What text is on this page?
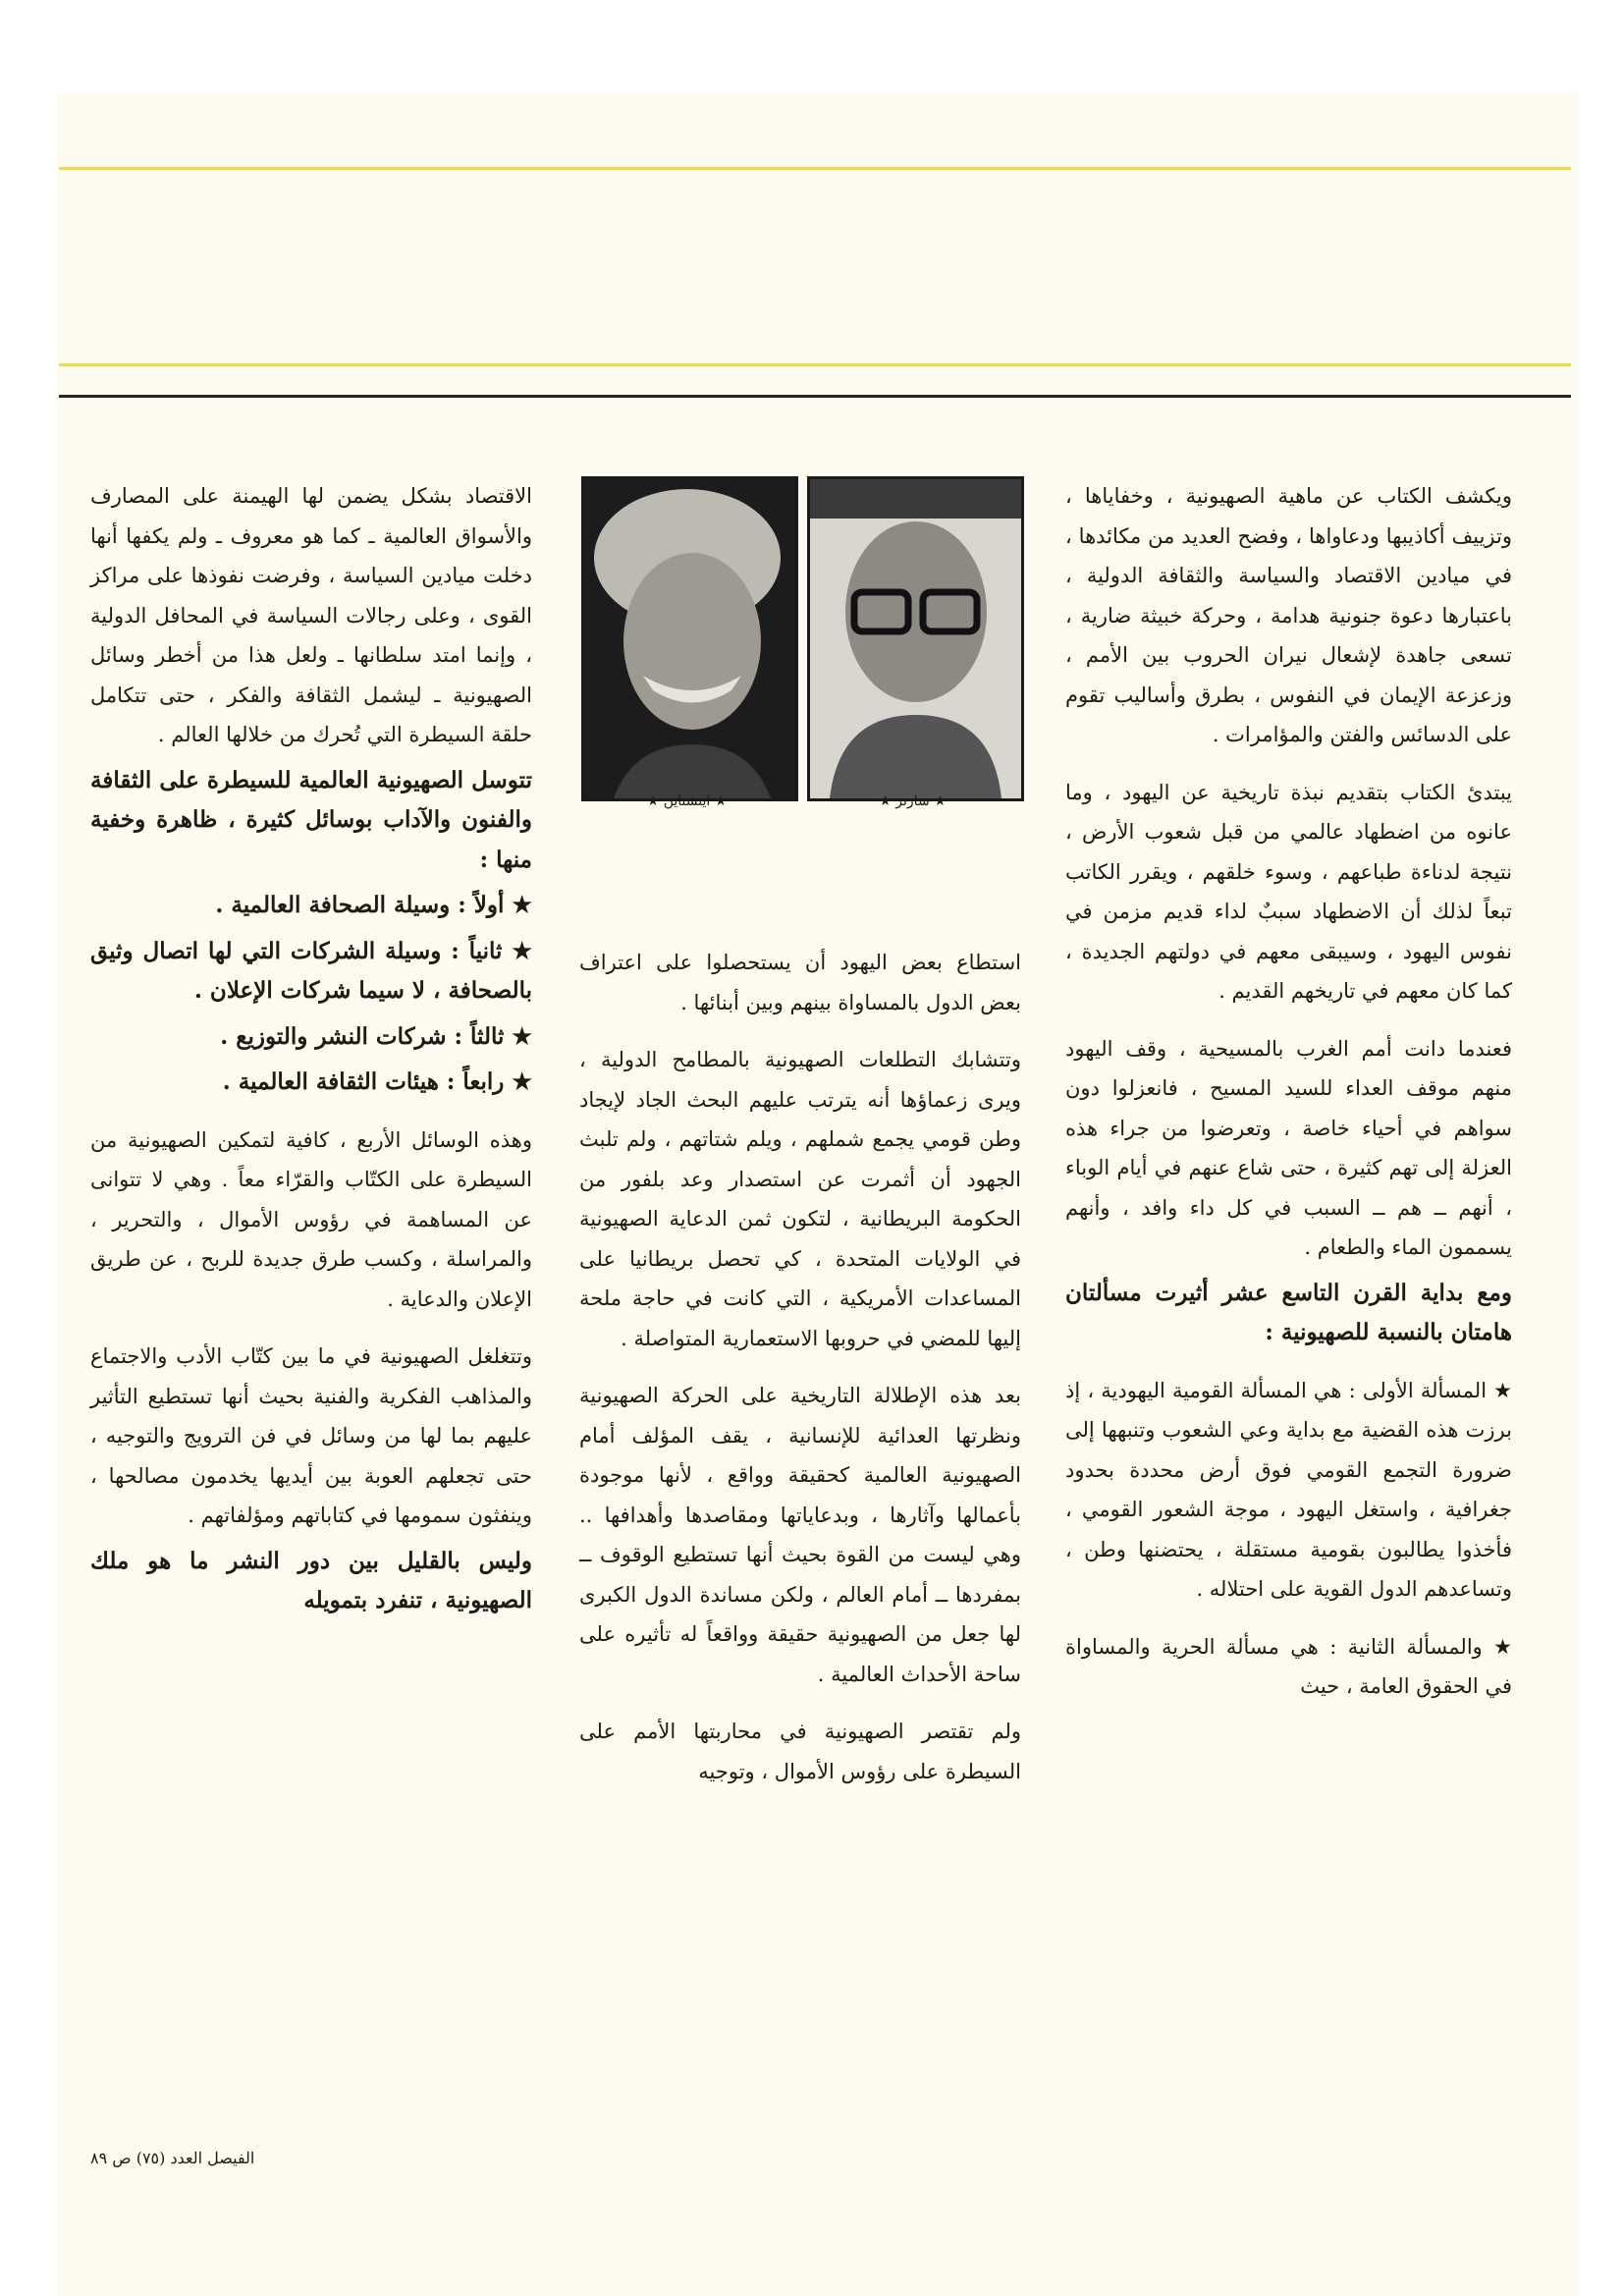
ويكشف الكتاب عن ماهية الصهيونية ، وخفاياها ، وتزييف أكاذيبها ودعاواها ، وفضح العديد من مكائدها ، في ميادين الاقتصاد والسياسة والثقافة الدولية ، باعتبارها دعوة جنونية هدامة ، وحركة خبيثة ضارية ، تسعى جاهدة لإشعال نيران الحروب بين الأمم ، وزعزعة الإيمان في النفوس ، بطرق وأساليب تقوم على الدسائس والفتن والمؤامرات .

يبتدئ الكتاب بتقديم نبذة تاريخية عن اليهود ، وما عانوه من اضطهاد عالمي من قبل شعوب الأرض ، نتيجة لدناءة طباعهم ، وسوء خلقهم ، ويقرر الكاتب تبعاً لذلك أن الاضطهاد سببٌ لداء قديم مزمن في نفوس اليهود ، وسيبقى معهم في دولتهم الجديدة ، كما كان معهم في تاريخهم القديم .

فعندما دانت أمم الغرب بالمسيحية ، وقف اليهود منهم موقف العداء للسيد المسيح ، فانعزلوا دون سواهم في أحياء خاصة ، وتعرضوا من جراء هذه العزلة إلى تهم كثيرة ، حتى شاع عنهم في أيام الوباء ، أنهم ــ هم ــ السبب في كل داء وافد ، وأنهم يسممون الماء والطعام .

ومع بداية القرن التاسع عشر أثيرت مسألتان هامتان بالنسبة للصهيونية :

★ المسألة الأولى : هي المسألة القومية اليهودية ، إذ برزت هذه القضية مع بداية وعي الشعوب وتنبهها إلى ضرورة التجمع القومي فوق أرض محددة بحدود جغرافية ، واستغل اليهود ، موجة الشعور القومي ، فأخذوا يطالبون بقومية مستقلة ، يحتضنها وطن ، وتساعدهم الدول القوية على احتلاله .

★ والمسألة الثانية : هي مسألة الحرية والمساواة في الحقوق العامة ، حيث

استطاع بعض اليهود أن يستحصلوا على اعتراف بعض الدول بالمساواة بينهم وبين أبنائها .

وتتشابك التطلعات الصهيونية بالمطامح الدولية ، ويرى زعماؤها أنه يترتب عليهم البحث الجاد لإيجاد وطن قومي يجمع شملهم ، ويلم شتاتهم ، ولم تلبث الجهود أن أثمرت عن استصدار وعد بلفور من الحكومة البريطانية ، لتكون ثمن الدعاية الصهيونية في الولايات المتحدة ، كي تحصل بريطانيا على المساعدات الأمريكية ، التي كانت في حاجة ملحة إليها للمضي في حروبها الاستعمارية المتواصلة .

بعد هذه الإطلالة التاريخية على الحركة الصهيونية ونظرتها العدائية للإنسانية ، يقف المؤلف أمام الصهيونية العالمية كحقيقة وواقع ، لأنها موجودة بأعمالها وآثارها ، وبدعاياتها ومقاصدها وأهدافها .. وهي ليست من القوة بحيث أنها تستطيع الوقوف ــ بمفردها ــ أمام العالم ، ولكن مساندة الدول الكبرى لها جعل من الصهيونية حقيقة وواقعاً له تأثيره على ساحة الأحداث العالمية .

ولم تقتصر الصهيونية في محاربتها الأمم على السيطرة على رؤوس الأموال ، وتوجيه

الاقتصاد بشكل يضمن لها الهيمنة على المصارف والأسواق العالمية ـ كما هو معروف ـ ولم يكفها أنها دخلت ميادين السياسة ، وفرضت نفوذها على مراكز القوى ، وعلى رجالات السياسة في المحافل الدولية ، وإنما امتد سلطانها ـ ولعل هذا من أخطر وسائل الصهيونية ـ ليشمل الثقافة والفكر ، حتى تتكامل حلقة السيطرة التي تُحرك من خلالها العالم .

تتوسل الصهيونية العالمية للسيطرة على الثقافة والفنون والآداب بوسائل كثيرة ، ظاهرة وخفية منها :

★ أولاً : وسيلة الصحافة العالمية .

★ ثانياً : وسيلة الشركات التي لها اتصال وثيق بالصحافة ، لا سيما شركات الإعلان .

★ ثالثاً : شركات النشر والتوزيع .

★ رابعاً : هيئات الثقافة العالمية .

وهذه الوسائل الأربع ، كافية لتمكين الصهيونية من السيطرة على الكتّاب والقرّاء معاً . وهي لا تتوانى عن المساهمة في رؤوس الأموال ، والتحرير ، والمراسلة ، وكسب طرق جديدة للربح ، عن طريق الإعلان والدعاية .

وتتغلغل الصهيونية في ما بين كتّاب الأدب والاجتماع والمذاهب الفكرية والفنية بحيث أنها تستطيع التأثير عليهم بما لها من وسائل في فن الترويج والتوجيه ، حتى تجعلهم العوبة بين أيديها يخدمون مصالحها ، وينفثون سمومها في كتاباتهم ومؤلفاتهم .

وليس بالقليل بين دور النشر ما هو ملك الصهيونية ، تنفرد بتمويله

★ سارتر ★
★ اينشتاين ★
الفيصل العدد (٧٥) ص ٨٩
